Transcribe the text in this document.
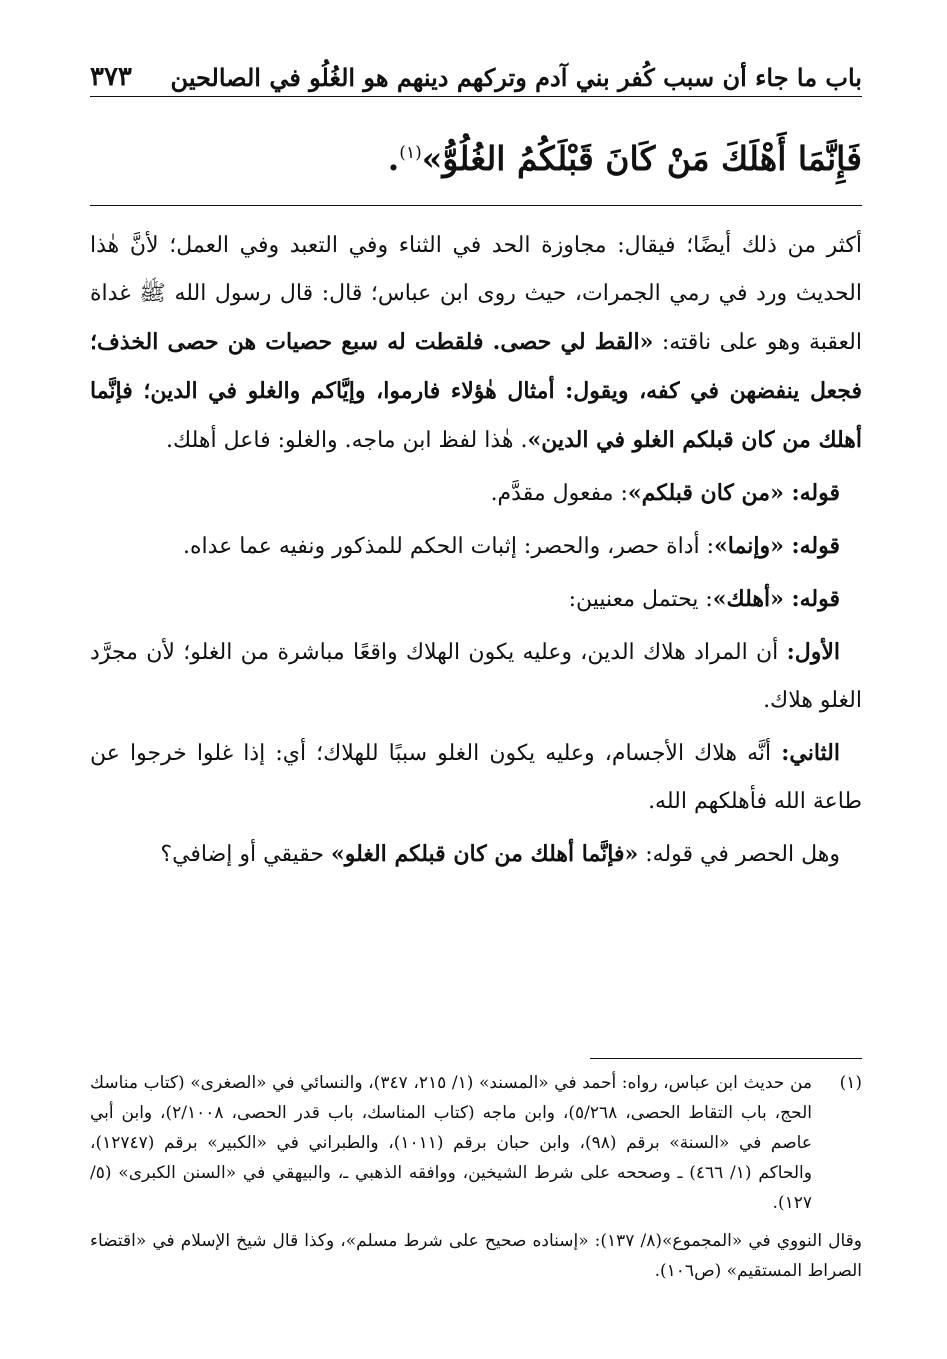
باب ما جاء أن سبب كُفر بني آدم وتركهم دينهم هو الغُلُو في الصالحين
٣٧٣
فَإِنَّمَا أَهْلَكَ مَنْ كَانَ قَبْلَكُمُ الغُلُوُّ»$^{(١)}$.

أكثر من ذلك أيضًا؛ فيقال: مجاوزة الحد في الثناء وفي التعبد وفي العمل؛ لأنَّ هٰذا الحديث ورد في رمي الجمرات، حيث روى ابن عباس؛ قال: قال رسول الله ﷺ غداة العقبة وهو على ناقته: «القط لي حصى. فلقطت له سبع حصيات هن حصى الخذف؛ فجعل ينفضهن في كفه، ويقول: أمثال هٰؤلاء فارموا، وإيَّاكم والغلو في الدين؛ فإنَّما أهلك من كان قبلكم الغلو في الدين». هٰذا لفظ ابن ماجه. والغلو: فاعل أهلك.

 قوله: «من كان قبلكم»: مفعول مقدَّم.

 قوله: «وإنما»: أداة حصر، والحصر: إثبات الحكم للمذكور ونفيه عما عداه.

 قوله: «أهلك»: يحتمل معنيين:

 الأول: أن المراد هلاك الدين، وعليه يكون الهلاك واقعًا مباشرة من الغلو؛ لأن مجرَّد الغلو هلاك.

 الثاني: أنَّه هلاك الأجسام، وعليه يكون الغلو سببًا للهلاك؛ أي: إذا غلوا خرجوا عن طاعة الله فأهلكهم الله.

 وهل الحصر في قوله: «فإنَّما أهلك من كان قبلكم الغلو» حقيقي أو إضافي؟

(١)
من حديث ابن عباس، رواه: أحمد في «المسند» (١/ ٢١٥، ٣٤٧)، والنسائي في «الصغرى» (كتاب مناسك الحج، باب التقاط الحصى، ٥/٢٦٨)، وابن ماجه (كتاب المناسك، باب قدر الحصى، ٢/١٠٠٨)، وابن أبي عاصم في «السنة» برقم (٩٨)، وابن حبان برقم (١٠١١)، والطبراني في «الكبير» برقم (١٢٧٤٧)، والحاكم (١/ ٤٦٦) ـ وصححه على شرط الشيخين، ووافقه الذهبي ـ، والبيهقي في «السنن الكبرى» (٥/ ١٢٧).
وقال النووي في «المجموع»(٨/ ١٣٧): «إسناده صحيح على شرط مسلم»، وكذا قال شيخ الإسلام في «اقتضاء الصراط المستقيم» (ص١٠٦).
